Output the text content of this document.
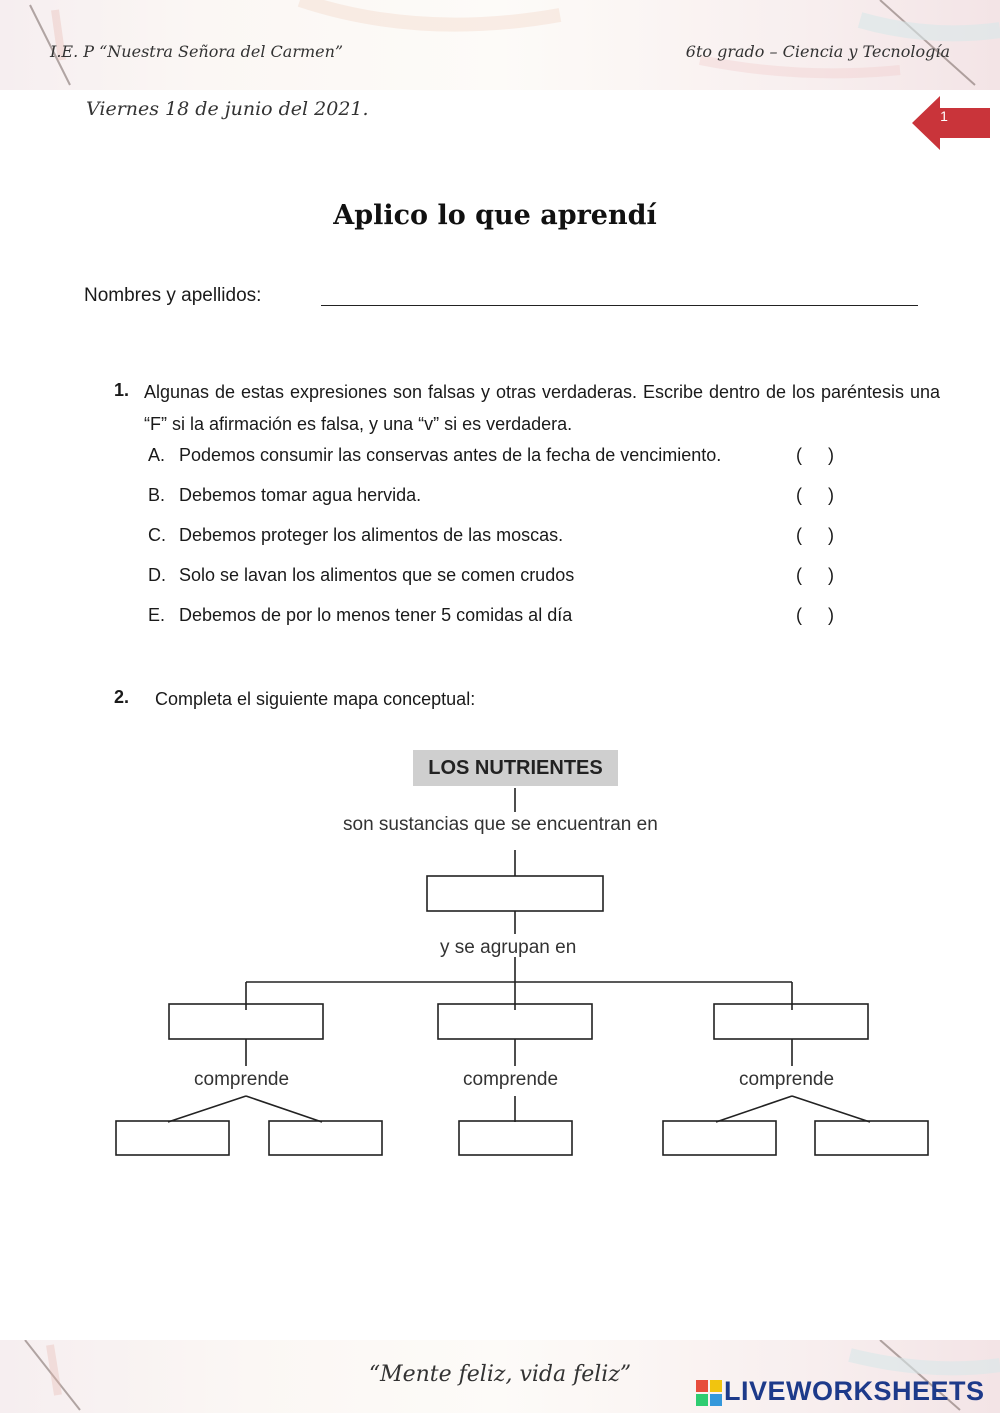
I.E. P “Nuestra Señora del Carmen”	6to grado – Ciencia y Tecnología
Viernes 18 de junio del 2021.	1
Aplico lo que aprendí
Nombres y apellidos:
1. Algunas de estas expresiones son falsas y otras verdaderas. Escribe dentro de los paréntesis una “F” si la afirmación es falsa, y una “v” si es verdadera.
A. Podemos consumir las conservas antes de la fecha de vencimiento.	( )
B. Debemos tomar agua hervida.	( )
C. Debemos proteger los alimentos de las moscas.	( )
D. Solo se lavan los alimentos que se comen crudos	( )
E. Debemos de por lo menos tener 5 comidas al día	( )
2. Completa el siguiente mapa conceptual:
LOS NUTRIENTES
son sustancias que se encuentran en
y se agrupan en
comprende	comprende	comprende
“Mente feliz, vida feliz”
LIVEWORKSHEETS
